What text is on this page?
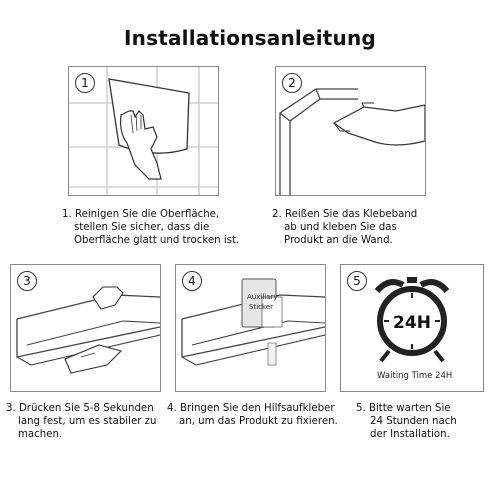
Installationsanleitung
1
1. Reinigen Sie die Oberfläche,
stellen Sie sicher, dass die
Oberfläche glatt und trocken ist.
2
2. Reißen Sie das Klebeband
ab und kleben Sie das
Produkt an die Wand.
3
3. Drücken Sie 5-8 Sekunden
lang fest, um es stabiler zu
machen.
Auxiliary
Sticker
4
4. Bringen Sie den Hilfsaufkleber
an, um das Produkt zu fixieren.
24H
5
Waiting Time 24H
5. Bitte warten Sie
24 Stunden nach
der Installation.
